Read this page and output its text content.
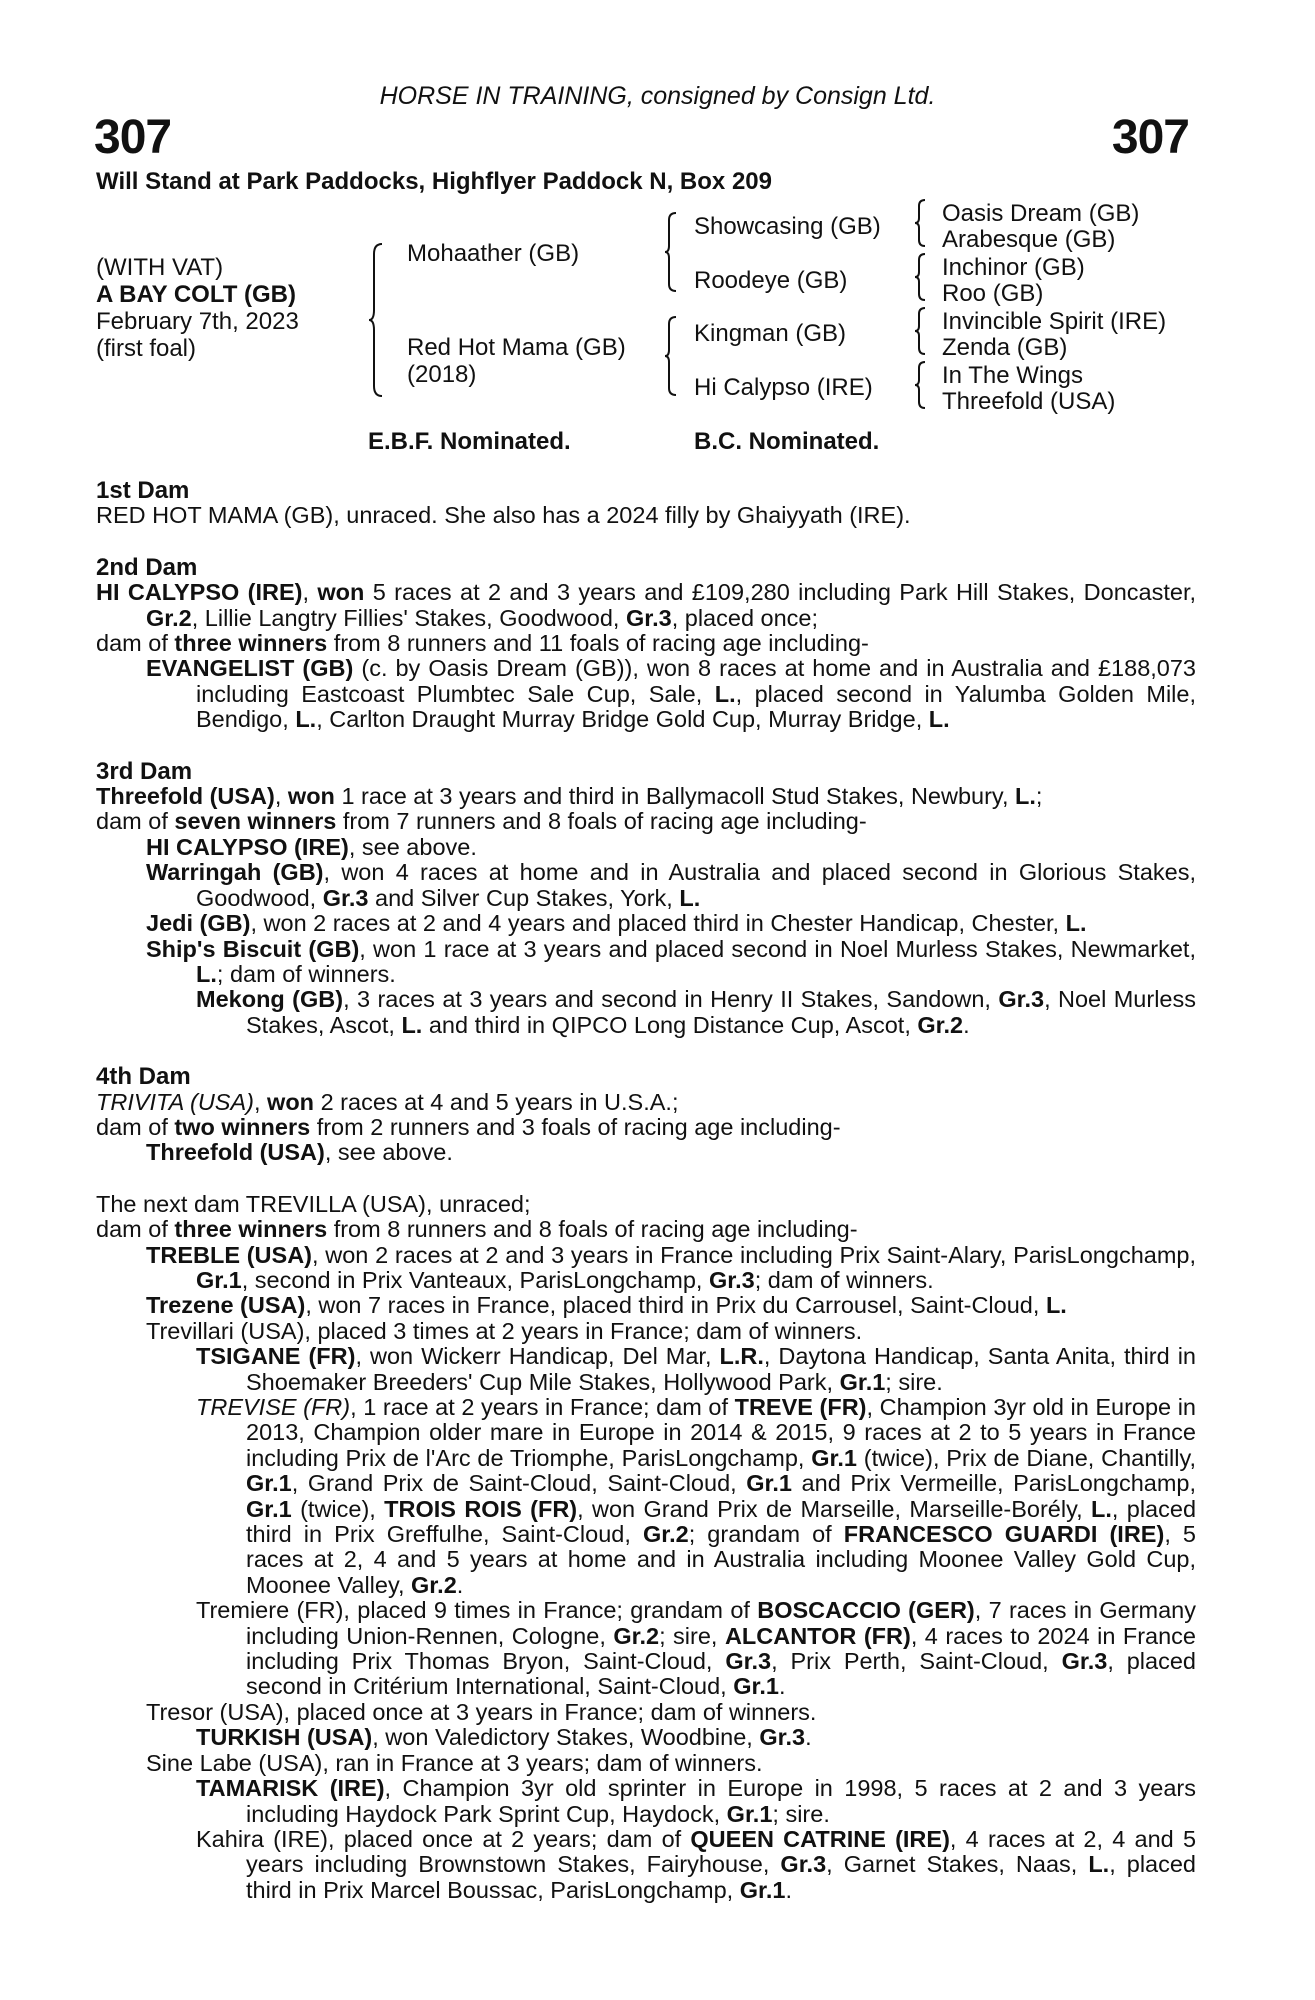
HORSE IN TRAINING, consigned by Consign Ltd.
307	307
Will Stand at Park Paddocks, Highflyer Paddock N, Box 209
(WITH VAT)
A BAY COLT (GB)
February 7th, 2023
(first foal)
Mohaather (GB)
Red Hot Mama (GB)
(2018)
Showcasing (GB)
Roodeye (GB)
Kingman (GB)
Hi Calypso (IRE)
Oasis Dream (GB)
Arabesque (GB)
Inchinor (GB)
Roo (GB)
Invincible Spirit (IRE)
Zenda (GB)
In The Wings
Threefold (USA)
E.B.F. Nominated.	B.C. Nominated.
1st Dam
RED HOT MAMA (GB), unraced. She also has a 2024 filly by Ghaiyyath (IRE).
2nd Dam
HI CALYPSO (IRE), won 5 races at 2 and 3 years and £109,280 including Park Hill Stakes, Doncaster, Gr.2, Lillie Langtry Fillies' Stakes, Goodwood, Gr.3, placed once;
dam of three winners from 8 runners and 11 foals of racing age including-
EVANGELIST (GB) (c. by Oasis Dream (GB)), won 8 races at home and in Australia and £188,073 including Eastcoast Plumbtec Sale Cup, Sale, L., placed second in Yalumba Golden Mile, Bendigo, L., Carlton Draught Murray Bridge Gold Cup, Murray Bridge, L.
3rd Dam
Threefold (USA), won 1 race at 3 years and third in Ballymacoll Stud Stakes, Newbury, L.;
dam of seven winners from 7 runners and 8 foals of racing age including-
HI CALYPSO (IRE), see above.
Warringah (GB), won 4 races at home and in Australia and placed second in Glorious Stakes, Goodwood, Gr.3 and Silver Cup Stakes, York, L.
Jedi (GB), won 2 races at 2 and 4 years and placed third in Chester Handicap, Chester, L.
Ship's Biscuit (GB), won 1 race at 3 years and placed second in Noel Murless Stakes, Newmarket, L.; dam of winners.
Mekong (GB), 3 races at 3 years and second in Henry II Stakes, Sandown, Gr.3, Noel Murless Stakes, Ascot, L. and third in QIPCO Long Distance Cup, Ascot, Gr.2.
4th Dam
TRIVITA (USA), won 2 races at 4 and 5 years in U.S.A.;
dam of two winners from 2 runners and 3 foals of racing age including-
Threefold (USA), see above.
The next dam TREVILLA (USA), unraced;
dam of three winners from 8 runners and 8 foals of racing age including-
TREBLE (USA), won 2 races at 2 and 3 years in France including Prix Saint-Alary, ParisLongchamp, Gr.1, second in Prix Vanteaux, ParisLongchamp, Gr.3; dam of winners.
Trezene (USA), won 7 races in France, placed third in Prix du Carrousel, Saint-Cloud, L.
Trevillari (USA), placed 3 times at 2 years in France; dam of winners.
TSIGANE (FR), won Wickerr Handicap, Del Mar, L.R., Daytona Handicap, Santa Anita, third in Shoemaker Breeders' Cup Mile Stakes, Hollywood Park, Gr.1; sire.
TREVISE (FR), 1 race at 2 years in France; dam of TREVE (FR), Champion 3yr old in Europe in 2013, Champion older mare in Europe in 2014 & 2015, 9 races at 2 to 5 years in France including Prix de l'Arc de Triomphe, ParisLongchamp, Gr.1 (twice), Prix de Diane, Chantilly, Gr.1, Grand Prix de Saint-Cloud, Saint-Cloud, Gr.1 and Prix Vermeille, ParisLongchamp, Gr.1 (twice), TROIS ROIS (FR), won Grand Prix de Marseille, Marseille-Borély, L., placed third in Prix Greffulhe, Saint-Cloud, Gr.2; grandam of FRANCESCO GUARDI (IRE), 5 races at 2, 4 and 5 years at home and in Australia including Moonee Valley Gold Cup, Moonee Valley, Gr.2.
Tremiere (FR), placed 9 times in France; grandam of BOSCACCIO (GER), 7 races in Germany including Union-Rennen, Cologne, Gr.2; sire, ALCANTOR (FR), 4 races to 2024 in France including Prix Thomas Bryon, Saint-Cloud, Gr.3, Prix Perth, Saint-Cloud, Gr.3, placed second in Critérium International, Saint-Cloud, Gr.1.
Tresor (USA), placed once at 3 years in France; dam of winners.
TURKISH (USA), won Valedictory Stakes, Woodbine, Gr.3.
Sine Labe (USA), ran in France at 3 years; dam of winners.
TAMARISK (IRE), Champion 3yr old sprinter in Europe in 1998, 5 races at 2 and 3 years including Haydock Park Sprint Cup, Haydock, Gr.1; sire.
Kahira (IRE), placed once at 2 years; dam of QUEEN CATRINE (IRE), 4 races at 2, 4 and 5 years including Brownstown Stakes, Fairyhouse, Gr.3, Garnet Stakes, Naas, L., placed third in Prix Marcel Boussac, ParisLongchamp, Gr.1.
